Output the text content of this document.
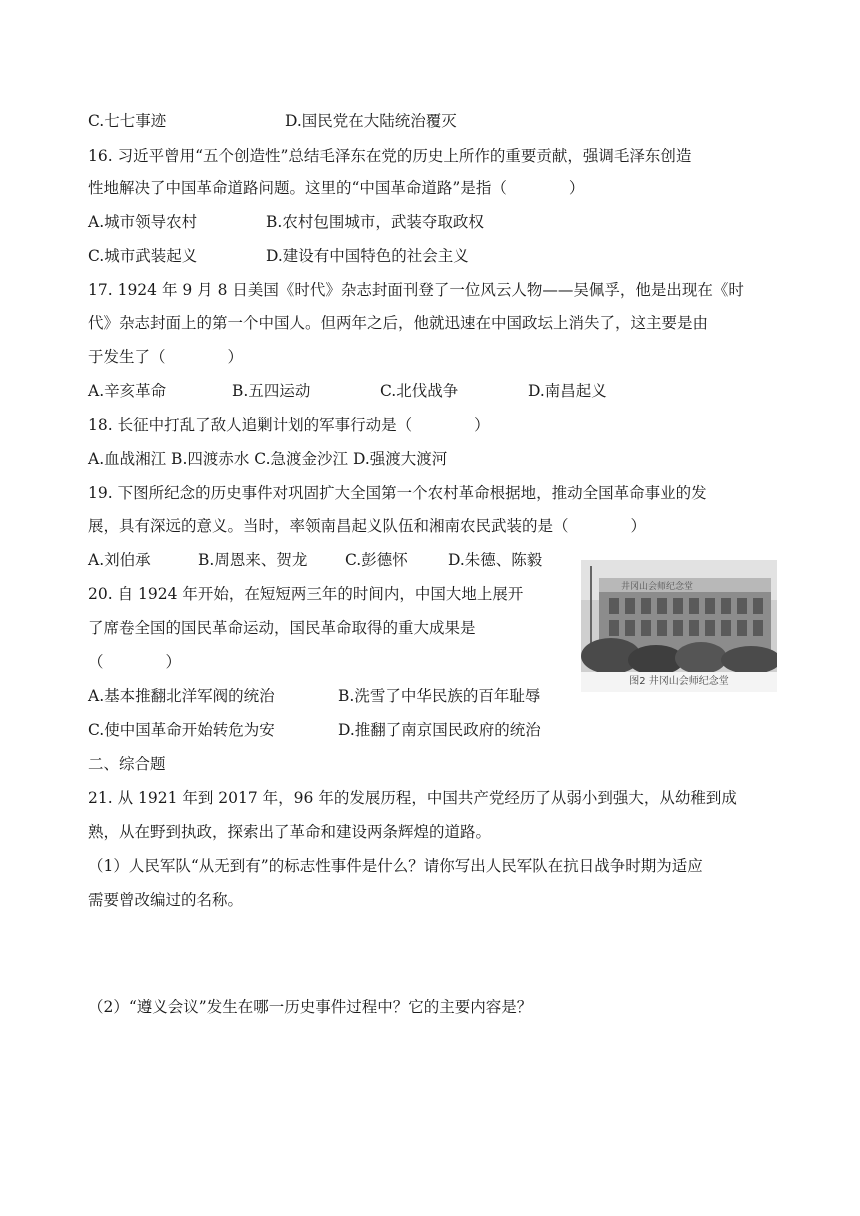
C.七七事迹	D.国民党在大陆统治覆灭
16. 习近平曾用“五个创造性”总结毛泽东在党的历史上所作的重要贡献，强调毛泽东创造
性地解决了中国革命道路问题。这里的“中国革命道路”是指（　　　　）
A.城市领导农村	B.农村包围城市，武装夺取政权
C.城市武装起义	D.建设有中国特色的社会主义
17. 1924 年 9 月 8 日美国《时代》杂志封面刊登了一位风云人物——吴佩孚，他是出现在《时
代》杂志封面上的第一个中国人。但两年之后，他就迅速在中国政坛上消失了，这主要是由
于发生了（　　　　）
A.辛亥革命	B.五四运动	C.北伐战争	D.南昌起义
18. 长征中打乱了敌人追剿计划的军事行动是（　　　　）
A.血战湘江 B.四渡赤水 C.急渡金沙江 D.强渡大渡河
19. 下图所纪念的历史事件对巩固扩大全国第一个农村革命根据地，推动全国革命事业的发
展，具有深远的意义。当时，率领南昌起义队伍和湘南农民武装的是（　　　　）
A.刘伯承	B.周恩来、贺龙 C.彭德怀	D.朱德、陈毅
井冈山会师纪念堂
图2 井冈山会师纪念堂
20. 自 1924 年开始，在短短两三年的时间内，中国大地上展开
了席卷全国的国民革命运动，国民革命取得的重大成果是
（　　　　）
A.基本推翻北洋军阀的统治	B.洗雪了中华民族的百年耻辱
C.使中国革命开始转危为安	D.推翻了南京国民政府的统治
二、综合题
21. 从 1921 年到 2017 年，96 年的发展历程，中国共产党经历了从弱小到强大，从幼稚到成
熟，从在野到执政，探索出了革命和建设两条辉煌的道路。
（1）人民军队“从无到有”的标志性事件是什么？请你写出人民军队在抗日战争时期为适应
需要曾改编过的名称。
（2）“遵义会议”发生在哪一历史事件过程中？它的主要内容是？
